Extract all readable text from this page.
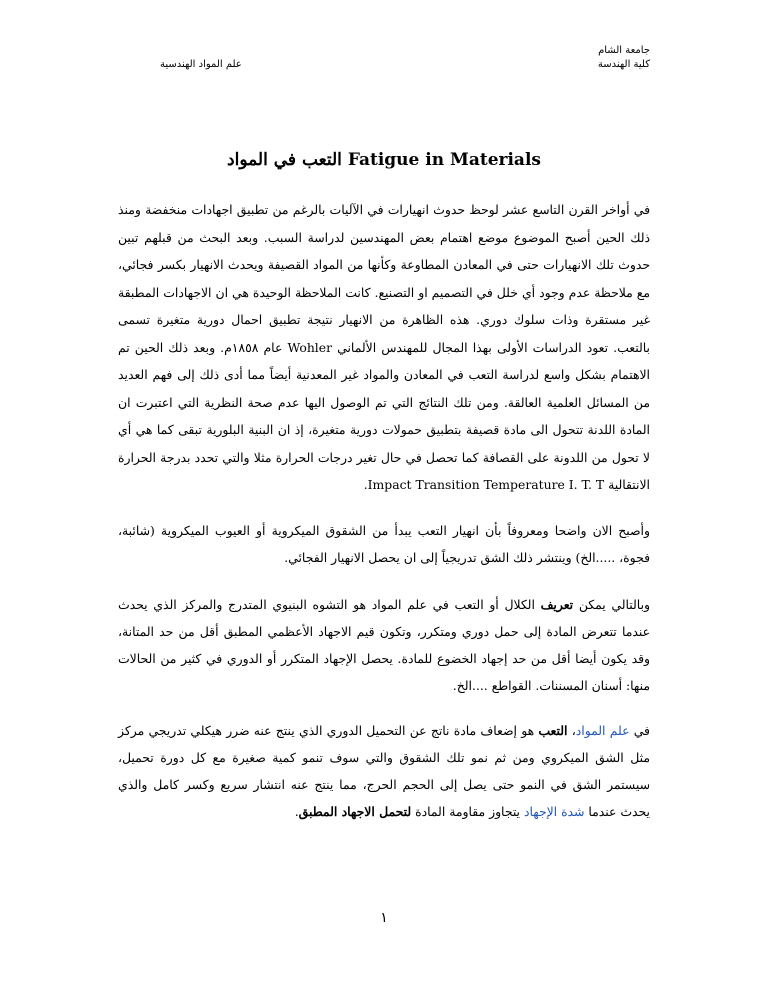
جامعة الشام
كلية الهندسة
علم المواد الهندسية
التعب في المواد Fatigue in Materials

في أواخر القرن التاسع عشر لوحظ حدوث انهيارات في الآليات بالرغم من تطبيق اجهادات منخفضة ومنذ ذلك الحين أصبح الموضوع موضع اهتمام بعض المهندسين لدراسة السبب. وبعد البحث من قبلهم تبين حدوث تلك الانهيارات حتى في المعادن المطاوعة وكأنها من المواد القصيفة ويحدث الانهيار بكسر فجائي، مع ملاحظة عدم وجود أي خلل في التصميم او التصنيع. كانت الملاحظة الوحيدة هي ان الاجهادات المطبقة غير مستقرة وذات سلوك دوري. هذه الظاهرة من الانهيار نتيجة تطبيق احمال دورية متغيرة تسمى بالتعب. تعود الدراسات الأولى بهذا المجال للمهندس الألماني Wohler عام ١٨٥٨م. وبعد ذلك الحين تم الاهتمام بشكل واسع لدراسة التعب في المعادن والمواد غير المعدنية أيضاً مما أدى ذلك إلى فهم العديد من المسائل العلمية العالقة. ومن تلك النتائج التي تم الوصول اليها عدم صحة النظرية التي اعتبرت ان المادة اللدنة تتحول الى مادة قصيفة بتطبيق حمولات دورية متغيرة، إذ ان البنية البلورية تبقى كما هي أي لا تحول من اللدونة على القصافة كما تحصل في حال تغير درجات الحرارة مثلا والتي تحدد بدرجة الحرارة الانتقالية Impact Transition Temperature I. T. T.

وأصبح الان واضحا ومعروفاً بأن انهيار التعب يبدأ من الشقوق الميكروية أو العيوب الميكروية (شائبة، فجوة، .....الخ) وينتشر ذلك الشق تدريجياً إلى ان يحصل الانهيار الفجائي.

وبالتالي يمكن تعريف الكلال أو التعب في علم المواد هو التشوه البنيوي المتدرج والمركز الذي يحدث عندما تتعرض المادة إلى حمل دوري ومتكرر، وتكون قيم الاجهاد الأعظمي المطبق أقل من حد المتانة، وقد يكون أيضا أقل من حد إجهاد الخضوع للمادة. يحصل الإجهاد المتكرر أو الدوري في كثير من الحالات منها: أسنان المسننات. القواطع ....الخ.

في علم المواد، التعب هو إضعاف مادة ناتج عن التحميل الدوري الذي ينتج عنه ضرر هيكلي تدريجي مركز مثل الشق الميكروي ومن ثم نمو تلك الشقوق والتي سوف تنمو كمية صغيرة مع كل دورة تحميل، سيستمر الشق في النمو حتى يصل إلى الحجم الحرج، مما ينتج عنه انتشار سريع وكسر كامل والذي يحدث عندما شدة الإجهاد يتجاوز مقاومة المادة لتحمل الاجهاد المطبق.

١
